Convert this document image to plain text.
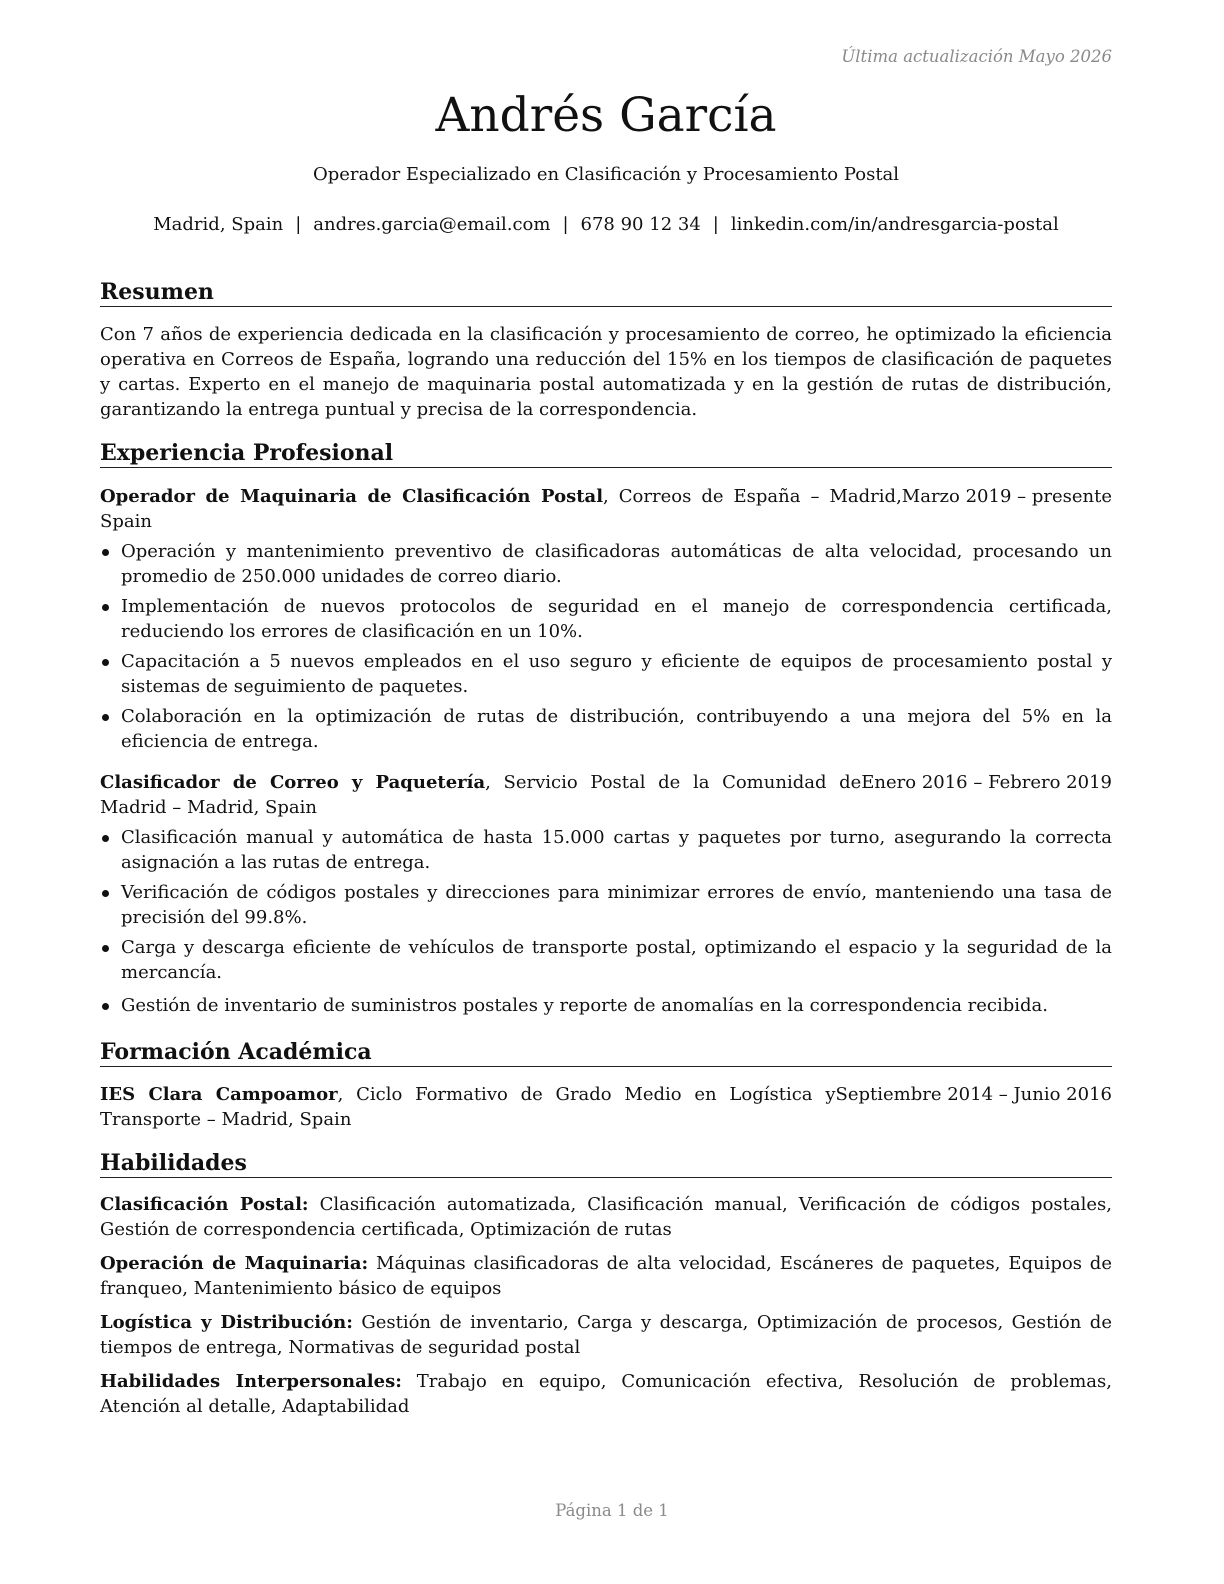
Última actualización Mayo 2026
Andrés García
Operador Especializado en Clasificación y Procesamiento Postal
Madrid, Spain | andres.garcia@email.com | 678 90 12 34 | linkedin.com/in/andresgarcia-postal
Resumen

Con 7 años de experiencia dedicada en la clasificación y procesamiento de correo, he optimizado la eficiencia operativa en Correos de España, logrando una reducción del 15% en los tiempos de clasificación de paquetes y cartas. Experto en el manejo de maquinaria postal automatizada y en la gestión de rutas de distribución, garantizando la entrega puntual y precisa de la correspondencia.

Experiencia Profesional
Operador de Maquinaria de Clasificación Postal, Correos de España – Madrid, Spain
Marzo 2019 – presente
Operación y mantenimiento preventivo de clasificadoras automáticas de alta velocidad, procesando un promedio de 250.000 unidades de correo diario.
Implementación de nuevos protocolos de seguridad en el manejo de correspondencia certificada, reduciendo los errores de clasificación en un 10%.
Capacitación a 5 nuevos empleados en el uso seguro y eficiente de equipos de procesamiento postal y sistemas de seguimiento de paquetes.
Colaboración en la optimización de rutas de distribución, contribuyendo a una mejora del 5% en la eficiencia de entrega.
Clasificador de Correo y Paquetería, Servicio Postal de la Comunidad de Madrid – Madrid, Spain
Enero 2016 – Febrero 2019
Clasificación manual y automática de hasta 15.000 cartas y paquetes por turno, asegurando la correcta asignación a las rutas de entrega.
Verificación de códigos postales y direcciones para minimizar errores de envío, manteniendo una tasa de precisión del 99.8%.
Carga y descarga eficiente de vehículos de transporte postal, optimizando el espacio y la seguridad de la mercancía.
Gestión de inventario de suministros postales y reporte de anomalías en la correspondencia recibida.
Formación Académica
IES Clara Campoamor, Ciclo Formativo de Grado Medio en Logística y Transporte – Madrid, Spain
Septiembre 2014 – Junio 2016
Habilidades

Clasificación Postal: Clasificación automatizada, Clasificación manual, Verificación de códigos postales, Gestión de correspondencia certificada, Optimización de rutas

Operación de Maquinaria: Máquinas clasificadoras de alta velocidad, Escáneres de paquetes, Equipos de franqueo, Mantenimiento básico de equipos

Logística y Distribución: Gestión de inventario, Carga y descarga, Optimización de procesos, Gestión de tiempos de entrega, Normativas de seguridad postal

Habilidades Interpersonales: Trabajo en equipo, Comunicación efectiva, Resolución de problemas, Atención al detalle, Adaptabilidad

Página 1 de 1
